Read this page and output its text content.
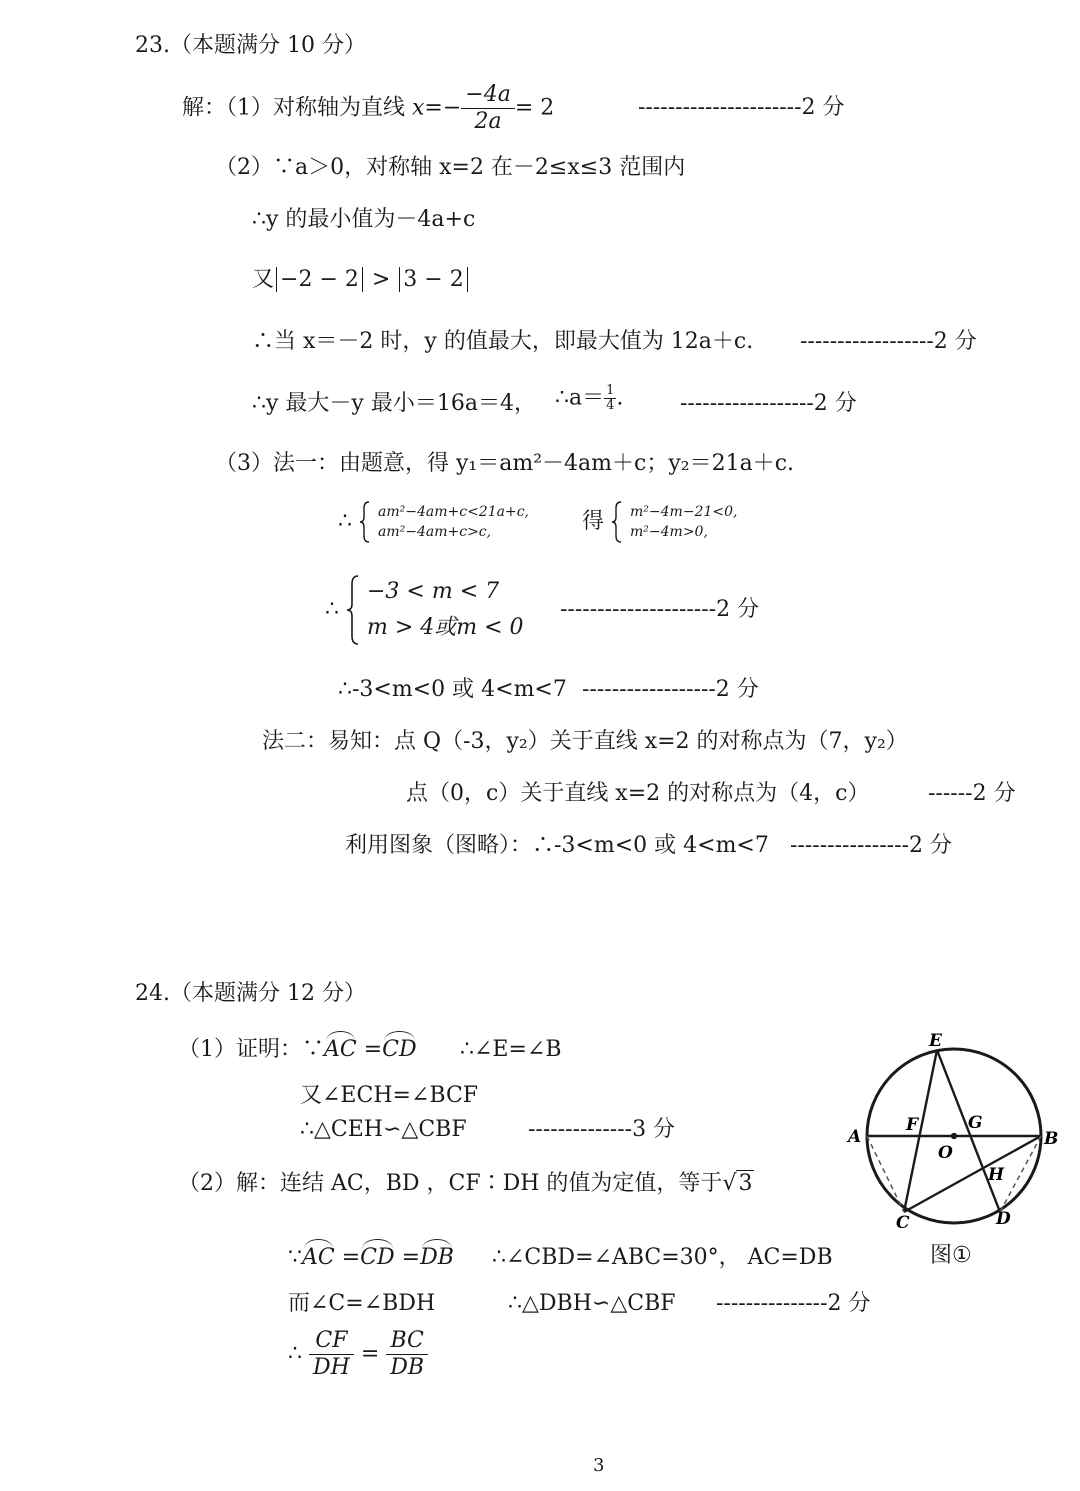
23.（本题满分 10 分）
解：（1）对称轴为直线 $x=- \frac{-4a}{2a} = 2$	----------------------2 分
（2）∵a＞0，对称轴 x=2 在－2≤x≤3 范围内
∴y 的最小值为－4a+c
又 −2 − 2 > 3 − 2
∴当 x＝－2 时，y 的值最大，即最大值为 12a＋c. ------------------2 分
∴y 最大－y 最小＝16a＝4， ∴a＝ $\frac{1}{4}$ .	------------------2 分
（3）法一：由题意，得 y₁＝am²－4am＋c；y₂＝21a＋c.
∴ am²−4am+c<21a+c,
am²−4am+c>c,	得 m²−4m−21<0,
m²−4m>0,
∴
−3 < m < 7
m > 4或m < 0
---------------------2 分
∴-3<m<0 或 4<m<7 ------------------2 分
法二：易知：点 Q（-3，y₂）关于直线 x=2 的对称点为（7，y₂）
点（0，c）关于直线 x=2 的对称点为（4，c）	------2 分
利用图象（图略）：∴-3<m<0 或 4<m<7 ----------------2 分
24.（本题满分 12 分）
（1）证明：∵AC =CD ∴∠E=∠B
又∠ECH=∠BCF
∴△CEH∽△CBF	--------------3 分
（2）解：连结 AC，BD ，CF∶DH 的值为定值，等于√3
∵AC =CD =DB ∴∠CBD=∠ABC=30°， AC=DB
而∠C=∠BDH	∴△DBH∽△CBF ---------------2 分
∴ $\frac{CF}{DH} = \frac{BC}{DB}$
E
A	B
C	D
F	G
O
H
图①
3
